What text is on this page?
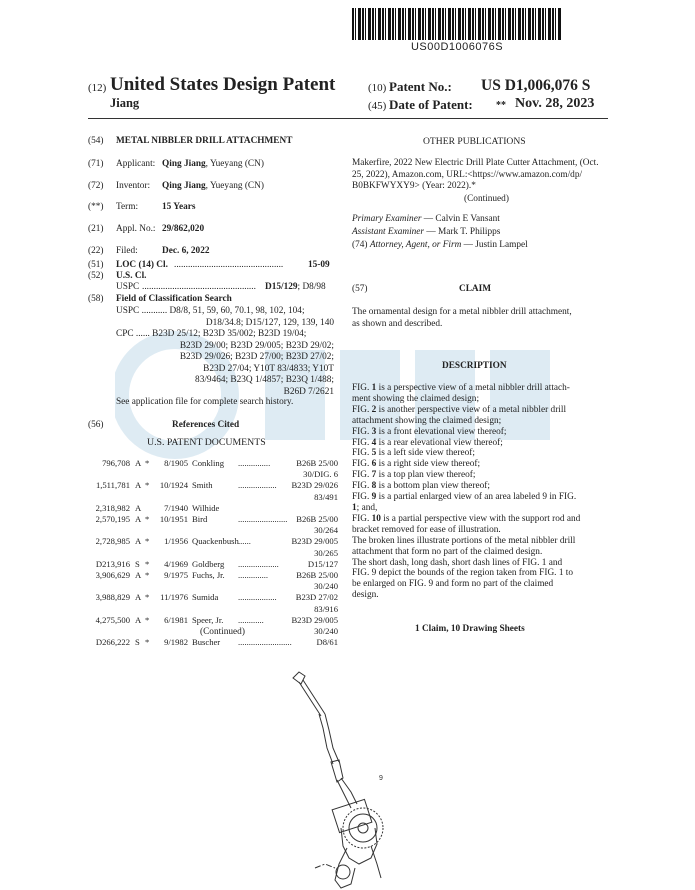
US00D1006076S
(12) United States Design Patent
Jiang
(10) Patent No.: US D1,006,076 S
(45) Date of Patent: ** Nov. 28, 2023
(54) METAL NIBBLER DRILL ATTACHMENT
(71) Applicant: Qing Jiang, Yueyang (CN)
(72) Inventor: Qing Jiang, Yueyang (CN)
(**) Term:	15 Years
(21) Appl. No.: 29/862,020
(22) Filed:	Dec. 6, 2022
(51) LOC (14) Cl. ...............................................	15-09
(52) U.S. Cl.
USPC ................................................. D15/129; D8/98
(58) Field of Classification Search
USPC ........... D8/8, 51, 59, 60, 70.1, 98, 102, 104;
D18/34.8; D15/127, 129, 139, 140
CPC ...... B23D 25/12; B23D 35/002; B23D 19/04;
B23D 29/00; B23D 29/005; B23D 29/02;
B23D 29/026; B23D 27/00; B23D 27/02;
B23D 27/04; Y10T 83/4833; Y10T
83/9464; B23Q 1/4857; B23Q 1/488;
B26D 7/2621
See application file for complete search history.
(56)	References Cited
U.S. PATENT DOCUMENTS
796,708 A *	8/1905 Conkling	B26B 25/00
...............
30/DIG. 6
1,511,781 A *	10/1924 Smith	B23D 29/026
..................
83/491
2,318,982 A	7/1940 Wilhide
2,570,195 A *	10/1951 Bird	B26B 25/00
.......................
30/264
2,728,985 A *	1/1956 Quackenbush	B23D 29/005
......
30/265
D213,916 S *	4/1969 Goldberg	D15/127
...................
3,906,629 A *	9/1975 Fuchs, Jr.	B26B 25/00
..............
30/240
3,988,829 A *	11/1976 Sumida	B23D 27/02
..................
83/916
4,275,500 A *	6/1981 Speer, Jr.	B23D 29/005
............
30/240
D266,222 S *	9/1982 Buscher	D8/61
.........................
(Continued)
OTHER PUBLICATIONS
Makerfire, 2022 New Electric Drill Plate Cutter Attachment, (Oct.
25, 2022), Amazon.com, URL:<https://www.amazon.com/dp/
B0BKFWYXY9> (Year: 2022).*
(Continued)
Primary Examiner — Calvin E Vansant
Assistant Examiner — Mark T. Philipps
(74) Attorney, Agent, or Firm — Justin Lampel
(57)	CLAIM
The ornamental design for a metal nibbler drill attachment,
as shown and described.
DESCRIPTION
FIG. 1 is a perspective view of a metal nibbler drill attach-
ment showing the claimed design;
FIG. 2 is another perspective view of a metal nibbler drill
attachment showing the claimed design;
FIG. 3 is a front elevational view thereof;
FIG. 4 is a rear elevational view thereof;
FIG. 5 is a left side view thereof;
FIG. 6 is a right side view thereof;
FIG. 7 is a top plan view thereof;
FIG. 8 is a bottom plan view thereof;
FIG. 9 is a partial enlarged view of an area labeled 9 in FIG.
1; and,
FIG. 10 is a partial perspective view with the support rod and
bracket removed for ease of illustration.
The broken lines illustrate portions of the metal nibbler drill
attachment that form no part of the claimed design.
The short dash, long dash, short dash lines of FIG. 1 and
FIG. 9 depict the bounds of the region taken from FIG. 1 to
be enlarged on FIG. 9 and form no part of the claimed
design.
1 Claim, 10 Drawing Sheets
9
